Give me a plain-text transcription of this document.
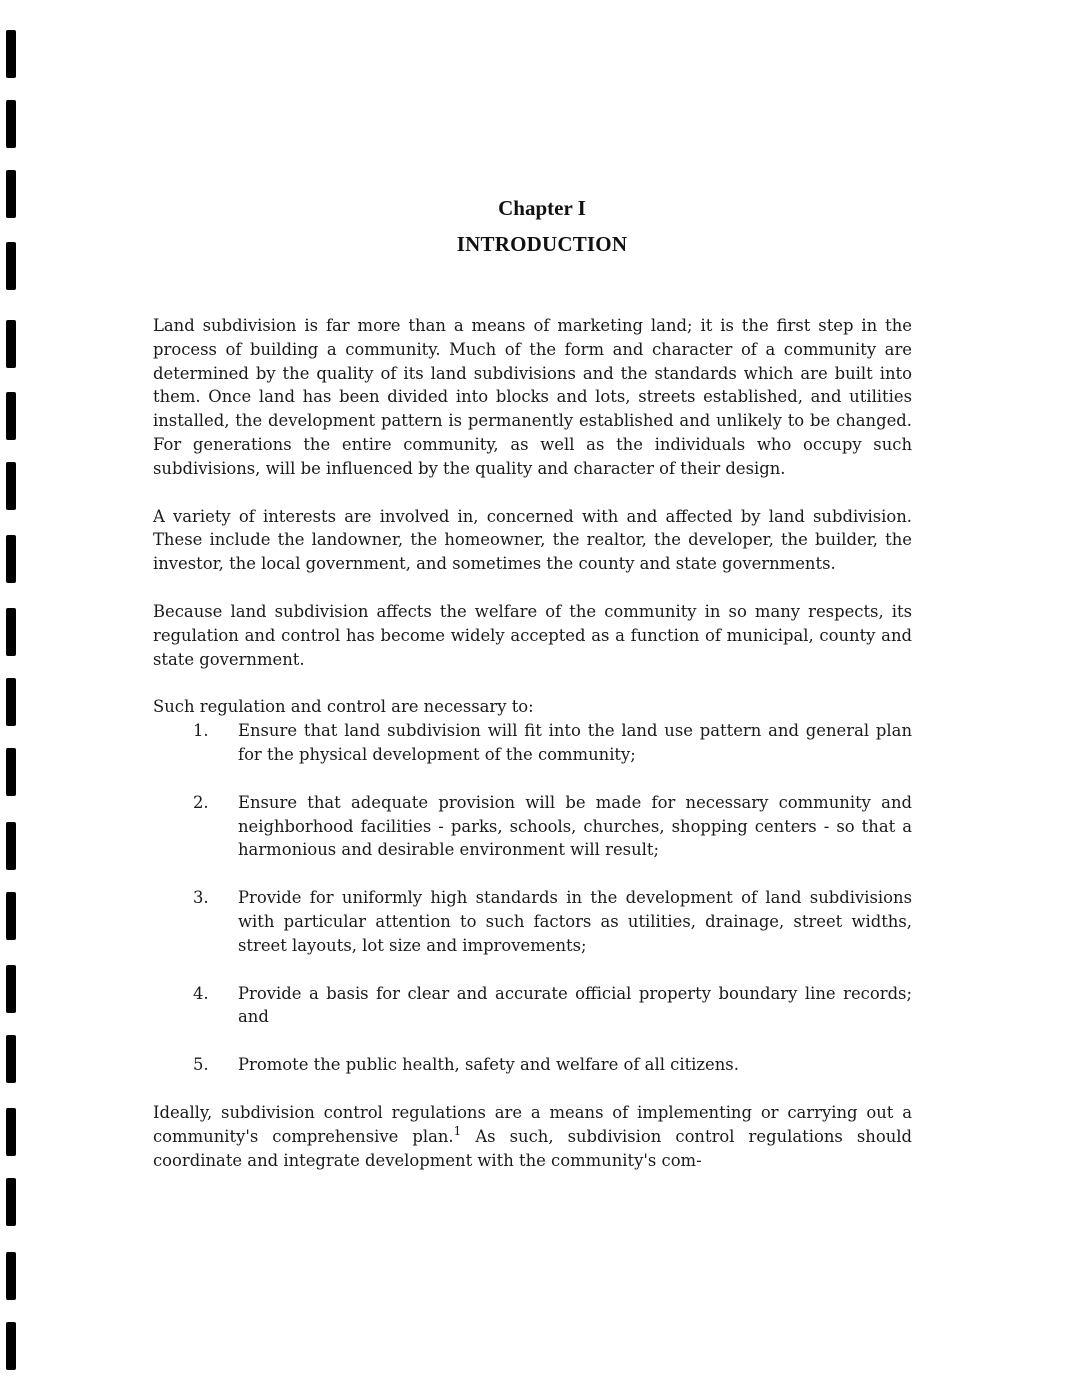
Chapter I
INTRODUCTION

Land subdivision is far more than a means of marketing land; it is the first step in the process of building a community. Much of the form and character of a community are determined by the quality of its land subdivisions and the standards which are built into them. Once land has been divided into blocks and lots, streets established, and utilities installed, the development pattern is permanently established and unlikely to be changed. For generations the entire community, as well as the individuals who occupy such subdivisions, will be influenced by the quality and character of their design.

A variety of interests are involved in, concerned with and affected by land subdivision. These include the landowner, the homeowner, the realtor, the developer, the builder, the investor, the local government, and sometimes the county and state governments.

Because land subdivision affects the welfare of the community in so many respects, its regulation and control has become widely accepted as a function of municipal, county and state government.

Such regulation and control are necessary to:

1. Ensure that land subdivision will fit into the land use pattern and general plan for the physical development of the community;
2. Ensure that adequate provision will be made for necessary community and neighborhood facilities - parks, schools, churches, shopping centers - so that a harmonious and desirable environment will result;
3. Provide for uniformly high standards in the development of land subdivisions with particular attention to such factors as utilities, drainage, street widths, street layouts, lot size and improvements;
4. Provide a basis for clear and accurate official property boundary line records; and
5. Promote the public health, safety and welfare of all citizens.

Ideally, subdivision control regulations are a means of implementing or carrying out a community's comprehensive plan.$^1$ As such, subdivision control regulations should coordinate and integrate development with the community's com-
